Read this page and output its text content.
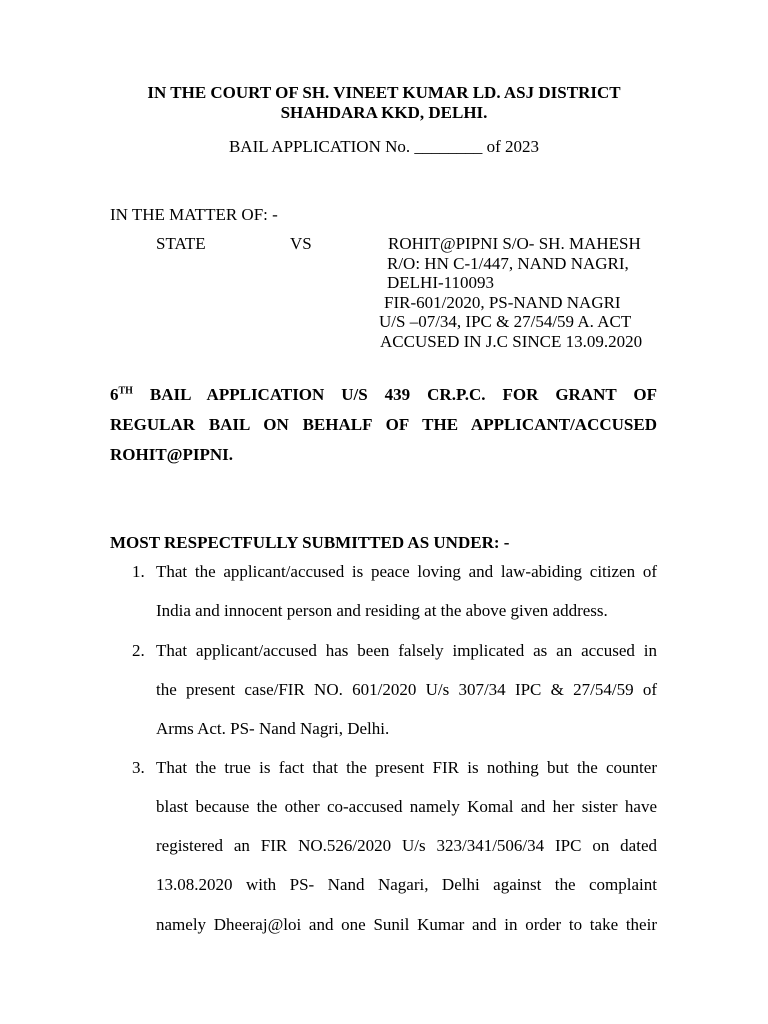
IN THE COURT OF SH. VINEET KUMAR LD. ASJ DISTRICT
SHAHDARA KKD, DELHI.
BAIL APPLICATION No. ________ of 2023
IN THE MATTER OF: -
STATE	VS	ROHIT@PIPNI S/O- SH. MAHESH
R/O: HN C-1/447, NAND NAGRI,
DELHI-110093
FIR-601/2020, PS-NAND NAGRI
U/S –07/34, IPC & 27/54/59 A. ACT
ACCUSED IN J.C SINCE 13.09.2020
6TH BAIL APPLICATION U/S 439 CR.P.C. FOR GRANT OF
REGULAR BAIL ON BEHALF OF THE APPLICANT/ACCUSED
ROHIT@PIPNI.
MOST RESPECTFULLY SUBMITTED AS UNDER: -
1. That the applicant/accused is peace loving and law-abiding citizen of
India and innocent person and residing at the above given address.
2. That applicant/accused has been falsely implicated as an accused in
the present case/FIR NO. 601/2020 U/s 307/34 IPC & 27/54/59 of
Arms Act. PS- Nand Nagri, Delhi.
3. That the true is fact that the present FIR is nothing but the counter
blast because the other co-accused namely Komal and her sister have
registered an FIR NO.526/2020 U/s 323/341/506/34 IPC on dated
13.08.2020 with PS- Nand Nagari, Delhi against the complaint
namely Dheeraj@loi and one Sunil Kumar and in order to take their
